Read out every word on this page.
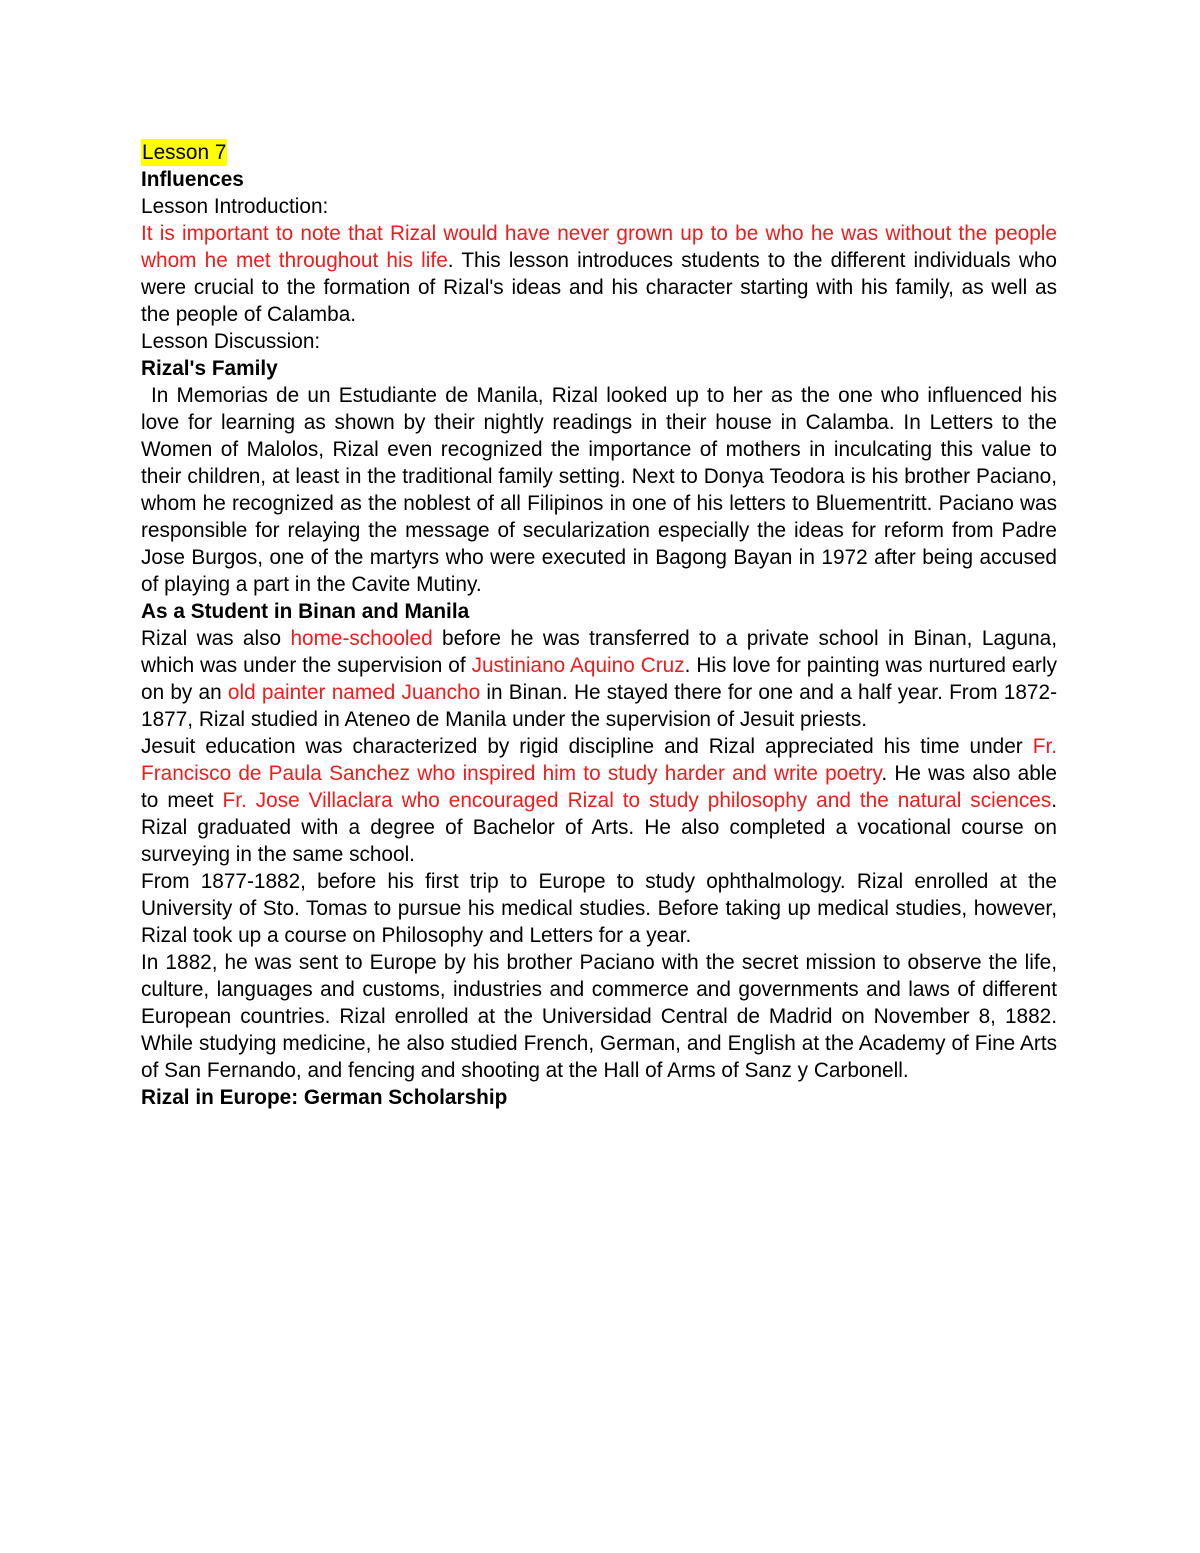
Lesson 7

Influences

Lesson Introduction:

It is important to note that Rizal would have never grown up to be who he was without the people whom he met throughout his life. This lesson introduces students to the different individuals who were crucial to the formation of Rizal's ideas and his character starting with his family, as well as the people of Calamba.

Lesson Discussion:

Rizal's Family

In Memorias de un Estudiante de Manila, Rizal looked up to her as the one who influenced his love for learning as shown by their nightly readings in their house in Calamba. In Letters to the Women of Malolos, Rizal even recognized the importance of mothers in inculcating this value to their children, at least in the traditional family setting. Next to Donya Teodora is his brother Paciano, whom he recognized as the noblest of all Filipinos in one of his letters to Bluementritt. Paciano was responsible for relaying the message of secularization especially the ideas for reform from Padre Jose Burgos, one of the martyrs who were executed in Bagong Bayan in 1972 after being accused of playing a part in the Cavite Mutiny.

As a Student in Binan and Manila

Rizal was also home-schooled before he was transferred to a private school in Binan, Laguna, which was under the supervision of Justiniano Aquino Cruz. His love for painting was nurtured early on by an old painter named Juancho in Binan. He stayed there for one and a half year. From 1872-1877, Rizal studied in Ateneo de Manila under the supervision of Jesuit priests.

Jesuit education was characterized by rigid discipline and Rizal appreciated his time under Fr. Francisco de Paula Sanchez who inspired him to study harder and write poetry. He was also able to meet Fr. Jose Villaclara who encouraged Rizal to study philosophy and the natural sciences. Rizal graduated with a degree of Bachelor of Arts. He also completed a vocational course on surveying in the same school.

From 1877-1882, before his first trip to Europe to study ophthalmology. Rizal enrolled at the University of Sto. Tomas to pursue his medical studies. Before taking up medical studies, however, Rizal took up a course on Philosophy and Letters for a year.

In 1882, he was sent to Europe by his brother Paciano with the secret mission to observe the life, culture, languages and customs, industries and commerce and governments and laws of different European countries. Rizal enrolled at the Universidad Central de Madrid on November 8, 1882. While studying medicine, he also studied French, German, and English at the Academy of Fine Arts of San Fernando, and fencing and shooting at the Hall of Arms of Sanz y Carbonell.

Rizal in Europe: German Scholarship
